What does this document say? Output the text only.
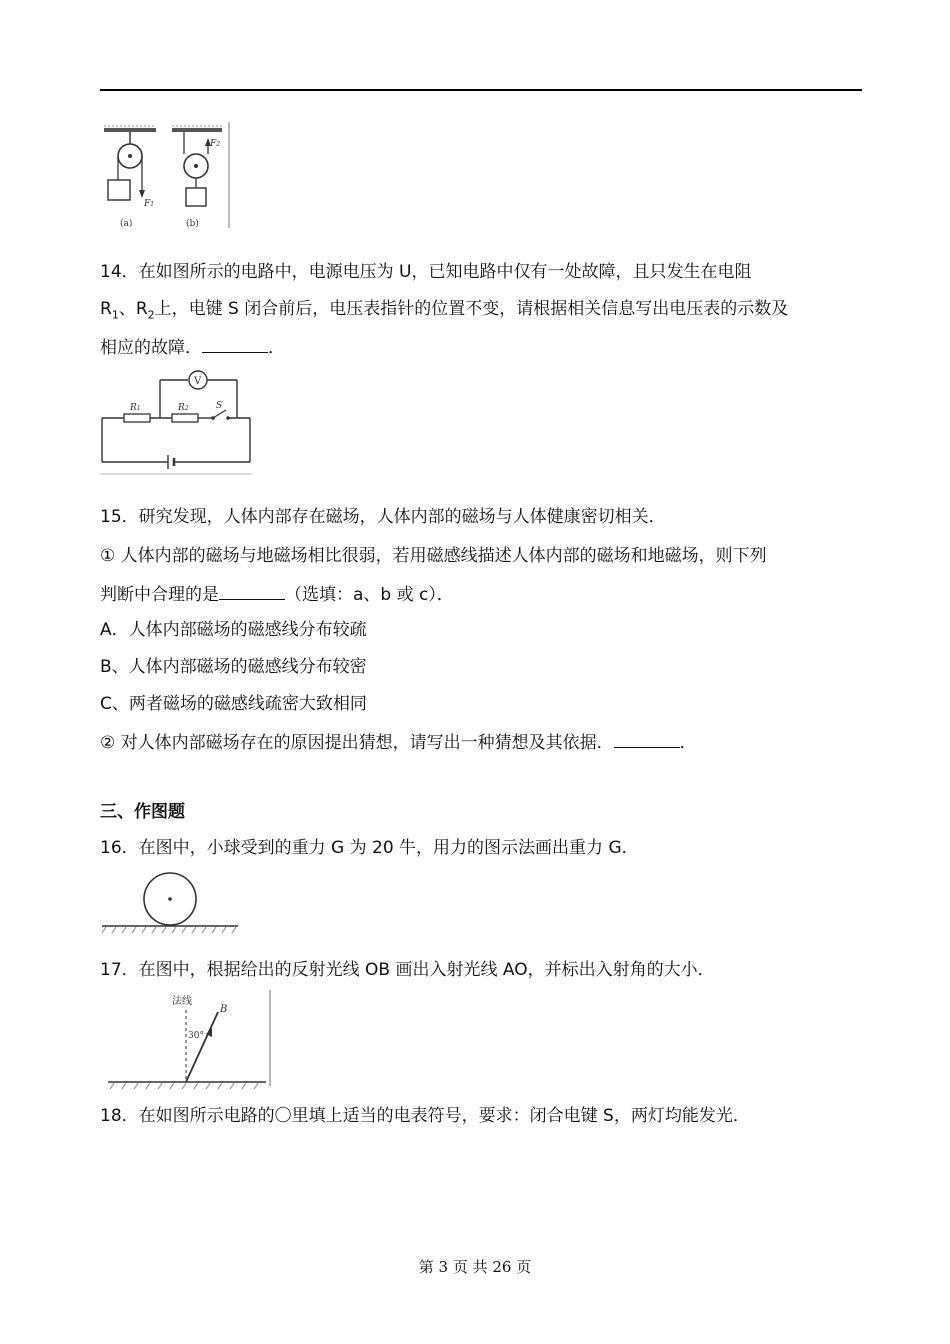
F1
F2
(a)	(b)
14．在如图所示的电路中，电源电压为 U，已知电路中仅有一处故障，且只发生在电阻
$R_1$、$R_2$上，电键 S 闭合前后，电压表指针的位置不变，请根据相关信息写出电压表的示数及
相应的故障．	．
V
R1	R2	S
15．研究发现，人体内部存在磁场，人体内部的磁场与人体健康密切相关．
① 人体内部的磁场与地磁场相比很弱，若用磁感线描述人体内部的磁场和地磁场，则下列
判断中合理的是	（选填：a、b 或 c）．
A．人体内部磁场的磁感线分布较疏
B、人体内部磁场的磁感线分布较密
C、两者磁场的磁感线疏密大致相同
② 对人体内部磁场存在的原因提出猜想，请写出一种猜想及其依据．	．
三、作图题
16．在图中，小球受到的重力 G 为 20 牛，用力的图示法画出重力 G．
17．在图中，根据给出的反射光线 OB 画出入射光线 AO，并标出入射角的大小．
法线
30°
B
18．在如图所示电路的〇里填上适当的电表符号，要求：闭合电键 S，两灯均能发光．
第 3 页 共 26 页
